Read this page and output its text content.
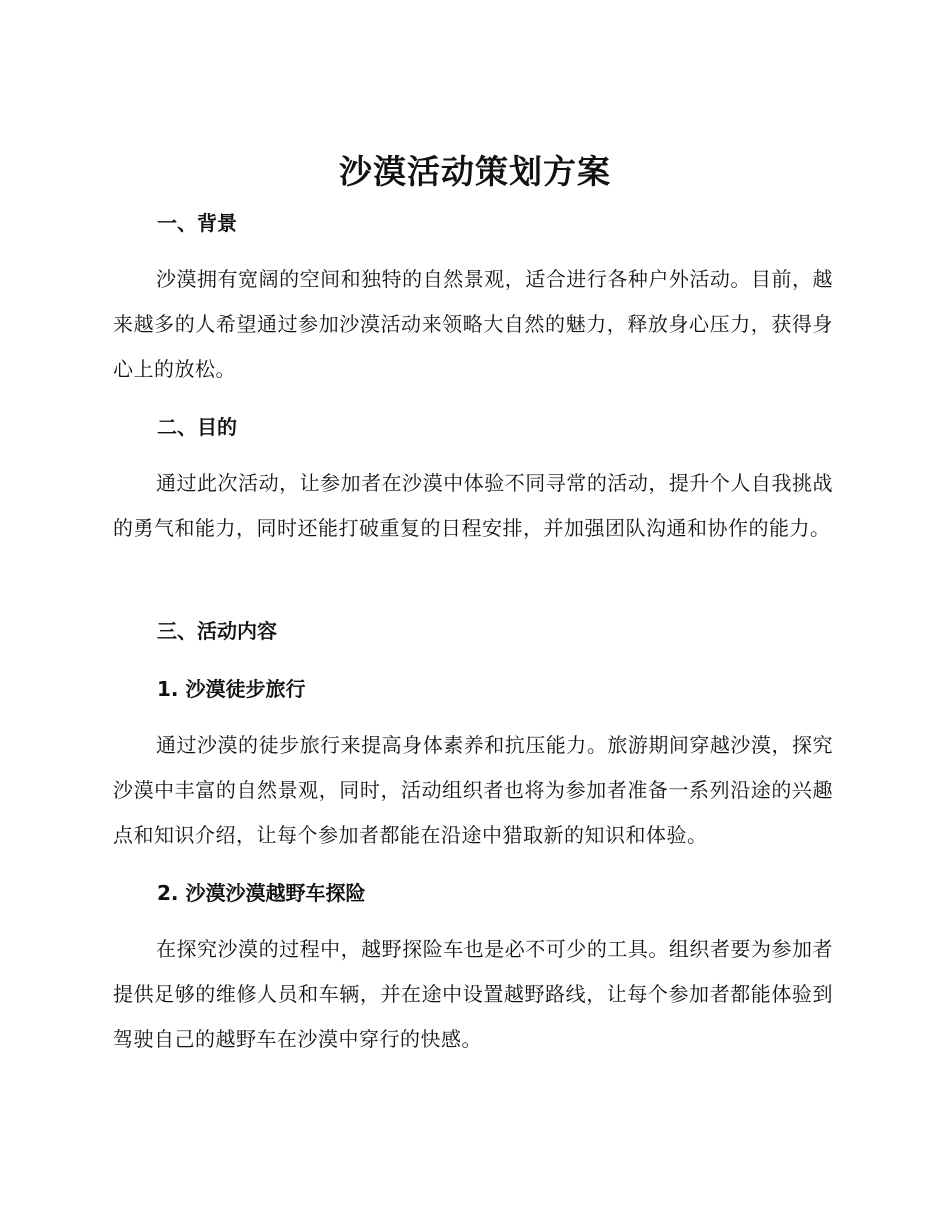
沙漠活动策划方案
一、背景

沙漠拥有宽阔的空间和独特的自然景观，适合进行各种户外活动。目前，越来越多的人希望通过参加沙漠活动来领略大自然的魅力，释放身心压力，获得身心上的放松。

二、目的

通过此次活动，让参加者在沙漠中体验不同寻常的活动，提升个人自我挑战的勇气和能力，同时还能打破重复的日程安排，并加强团队沟通和协作的能力。

三、活动内容
1. 沙漠徒步旅行

通过沙漠的徒步旅行来提高身体素养和抗压能力。旅游期间穿越沙漠，探究沙漠中丰富的自然景观，同时，活动组织者也将为参加者准备一系列沿途的兴趣点和知识介绍，让每个参加者都能在沿途中猎取新的知识和体验。

2. 沙漠沙漠越野车探险

在探究沙漠的过程中，越野探险车也是必不可少的工具。组织者要为参加者提供足够的维修人员和车辆，并在途中设置越野路线，让每个参加者都能体验到驾驶自己的越野车在沙漠中穿行的快感。
